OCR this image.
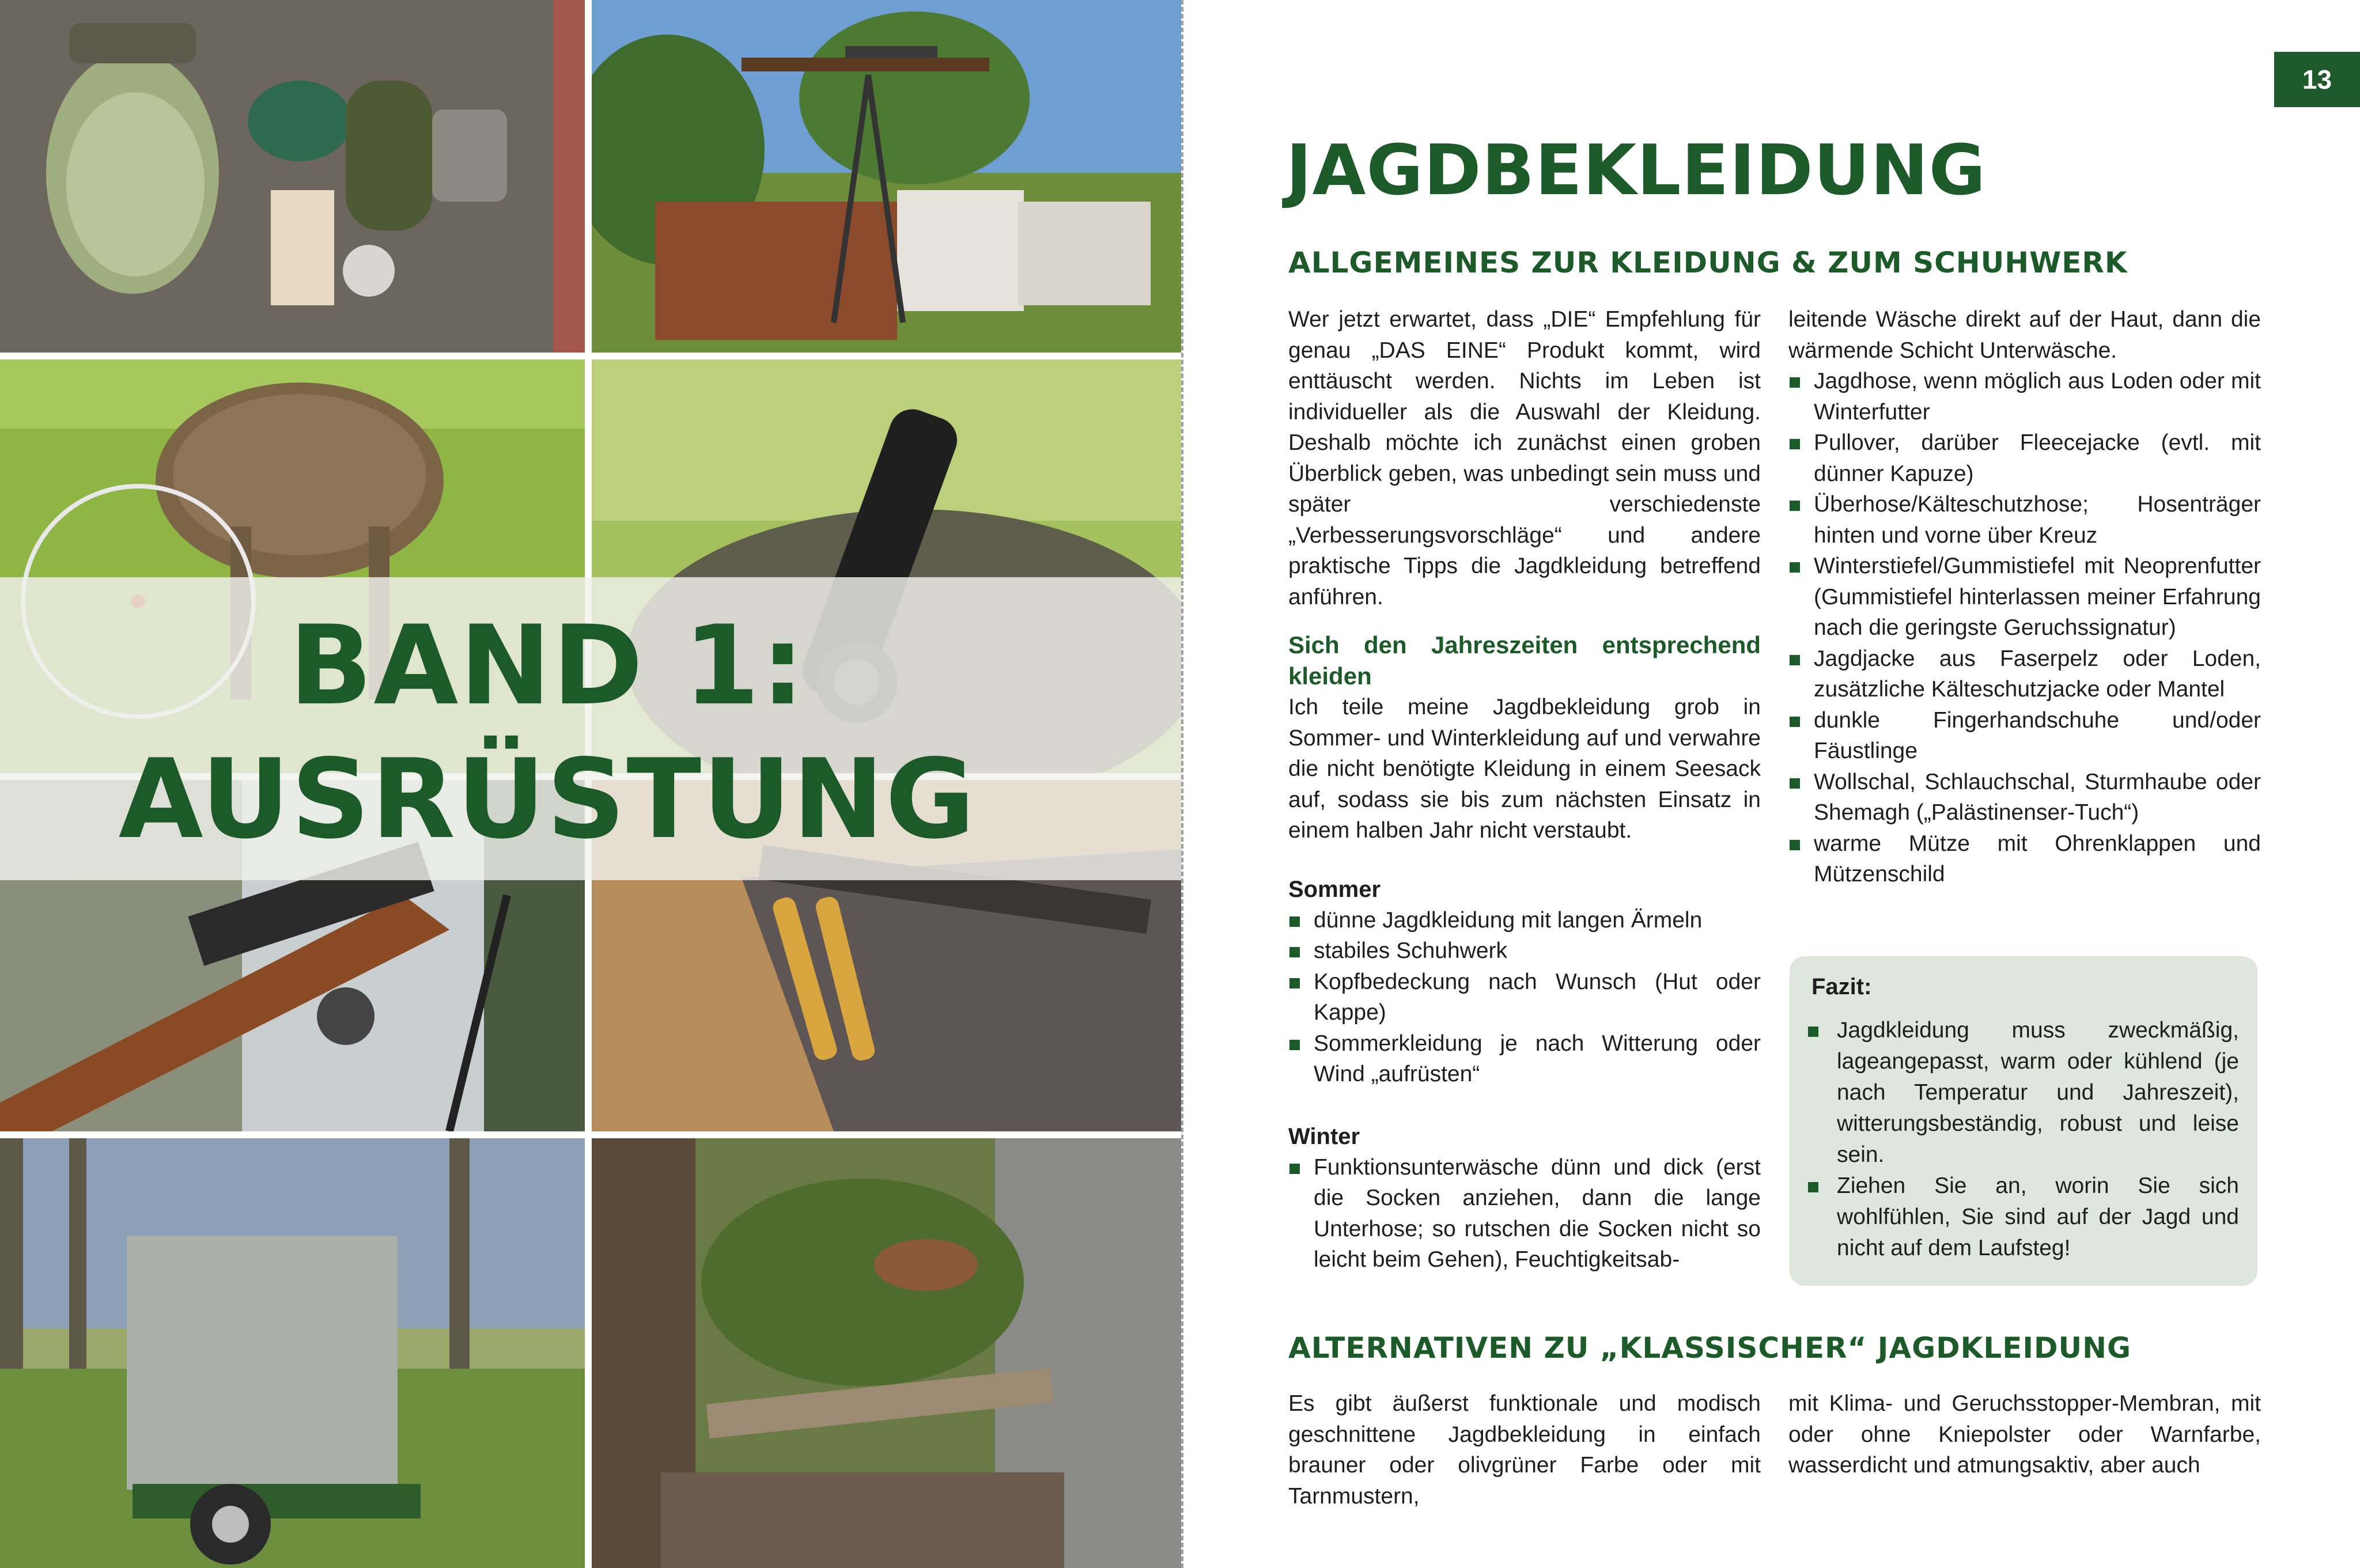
BAND 1:
AUSRÜSTUNG
13
JAGDBEKLEIDUNG
ALLGEMEINES ZUR KLEIDUNG & ZUM SCHUHWERK

Wer jetzt erwartet, dass „DIE“ Empfehlung für genau „DAS EINE“ Produkt kommt, wird enttäuscht werden. Nichts im Leben ist individueller als die Auswahl der Kleidung. Deshalb möchte ich zunächst einen groben Überblick geben, was unbedingt sein muss und später verschiedenste „Verbesserungsvorschläge“ und andere praktische Tipps die Jagdkleidung betreffend anführen.

Sich den Jahreszeiten entsprechend kleiden

Ich teile meine Jagdbekleidung grob in Sommer- und Winterkleidung auf und verwahre die nicht benötigte Kleidung in einem Seesack auf, sodass sie bis zum nächsten Einsatz in einem halben Jahr nicht verstaubt.

Sommer

dünne Jagdkleidung mit langen Ärmeln
stabiles Schuhwerk
Kopfbedeckung nach Wunsch (Hut oder Kappe)
Sommerkleidung je nach Witterung oder Wind „aufrüsten“

Winter

Funktionsunterwäsche dünn und dick (erst die Socken anziehen, dann die lange Unterhose; so rutschen die Socken nicht so leicht beim Gehen), Feuchtigkeitsab-

leitende Wäsche direkt auf der Haut, dann die wärmende Schicht Unterwäsche.

Jagdhose, wenn möglich aus Loden oder mit Winterfutter
Pullover, darüber Fleecejacke (evtl. mit dünner Kapuze)
Überhose/Kälteschutzhose; Hosenträger hinten und vorne über Kreuz
Winterstiefel/Gummistiefel mit Neoprenfutter (Gummistiefel hinterlassen meiner Erfahrung nach die geringste Geruchssignatur)
Jagdjacke aus Faserpelz oder Loden, zusätzliche Kälteschutzjacke oder Mantel
dunkle Fingerhandschuhe und/oder Fäustlinge
Wollschal, Schlauchschal, Sturmhaube oder Shemagh („Palästinenser-Tuch“)
warme Mütze mit Ohrenklappen und Mützenschild
Fazit:
Jagdkleidung muss zweckmäßig, lageangepasst, warm oder kühlend (je nach Temperatur und Jahreszeit), witterungsbeständig, robust und leise sein.
Ziehen Sie an, worin Sie sich wohlfühlen, Sie sind auf der Jagd und nicht auf dem Laufsteg!
ALTERNATIVEN ZU „KLASSISCHER“ JAGDKLEIDUNG

Es gibt äußerst funktionale und modisch geschnittene Jagdbekleidung in einfach brauner oder olivgrüner Farbe oder mit Tarnmustern,

mit Klima- und Geruchsstopper-Membran, mit oder ohne Kniepolster oder Warnfarbe, wasserdicht und atmungsaktiv, aber auch
